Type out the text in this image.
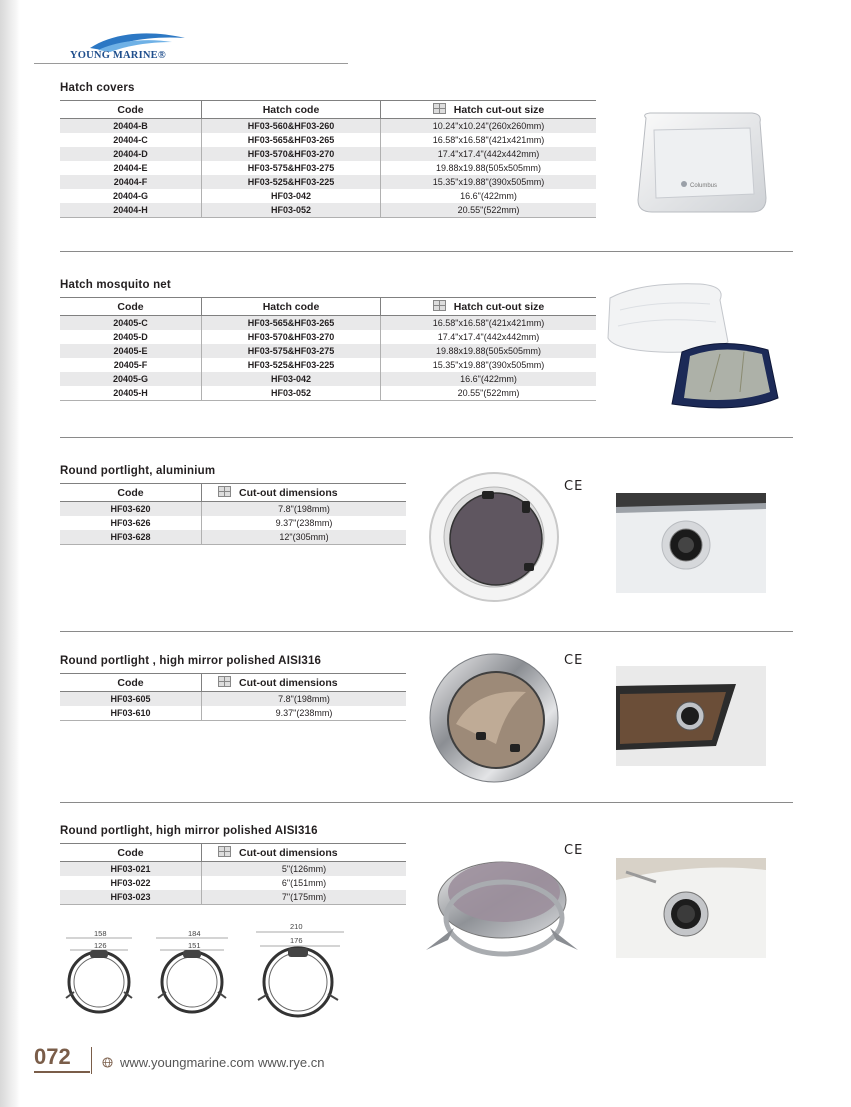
YOUNG MARINE®
Hatch covers
Code	Hatch code	Hatch cut-out size
20404-B	HF03-560&HF03-260	10.24"x10.24"(260x260mm)
20404-C	HF03-565&HF03-265	16.58"x16.58"(421x421mm)
20404-D	HF03-570&HF03-270	17.4"x17.4"(442x442mm)
20404-E	HF03-575&HF03-275	19.88x19.88(505x505mm)
20404-F	HF03-525&HF03-225	15.35"x19.88"(390x505mm)
20404-G	HF03-042	16.6"(422mm)
20404-H	HF03-052	20.55"(522mm)
Columbus
Hatch mosquito net
Code	Hatch code	Hatch cut-out size
20405-C	HF03-565&HF03-265	16.58"x16.58"(421x421mm)
20405-D	HF03-570&HF03-270	17.4"x17.4"(442x442mm)
20405-E	HF03-575&HF03-275	19.88x19.88(505x505mm)
20405-F	HF03-525&HF03-225	15.35"x19.88"(390x505mm)
20405-G	HF03-042	16.6"(422mm)
20405-H	HF03-052	20.55"(522mm)
Round portlight, aluminium
Code	Cut-out dimensions
HF03-620	7.8"(198mm)
HF03-626	9.37"(238mm)
HF03-628	12"(305mm)
CE
Round portlight , high mirror polished AISI316
Code	Cut-out dimensions
HF03-605	7.8"(198mm)
HF03-610	9.37"(238mm)
CE
Round portlight, high mirror polished AISI316
Code	Cut-out dimensions
HF03-021	5"(126mm)
HF03-022	6"(151mm)
HF03-023	7"(175mm)
CE
158
126
184
151
210
176
072	www.youngmarine.com www.rye.cn
